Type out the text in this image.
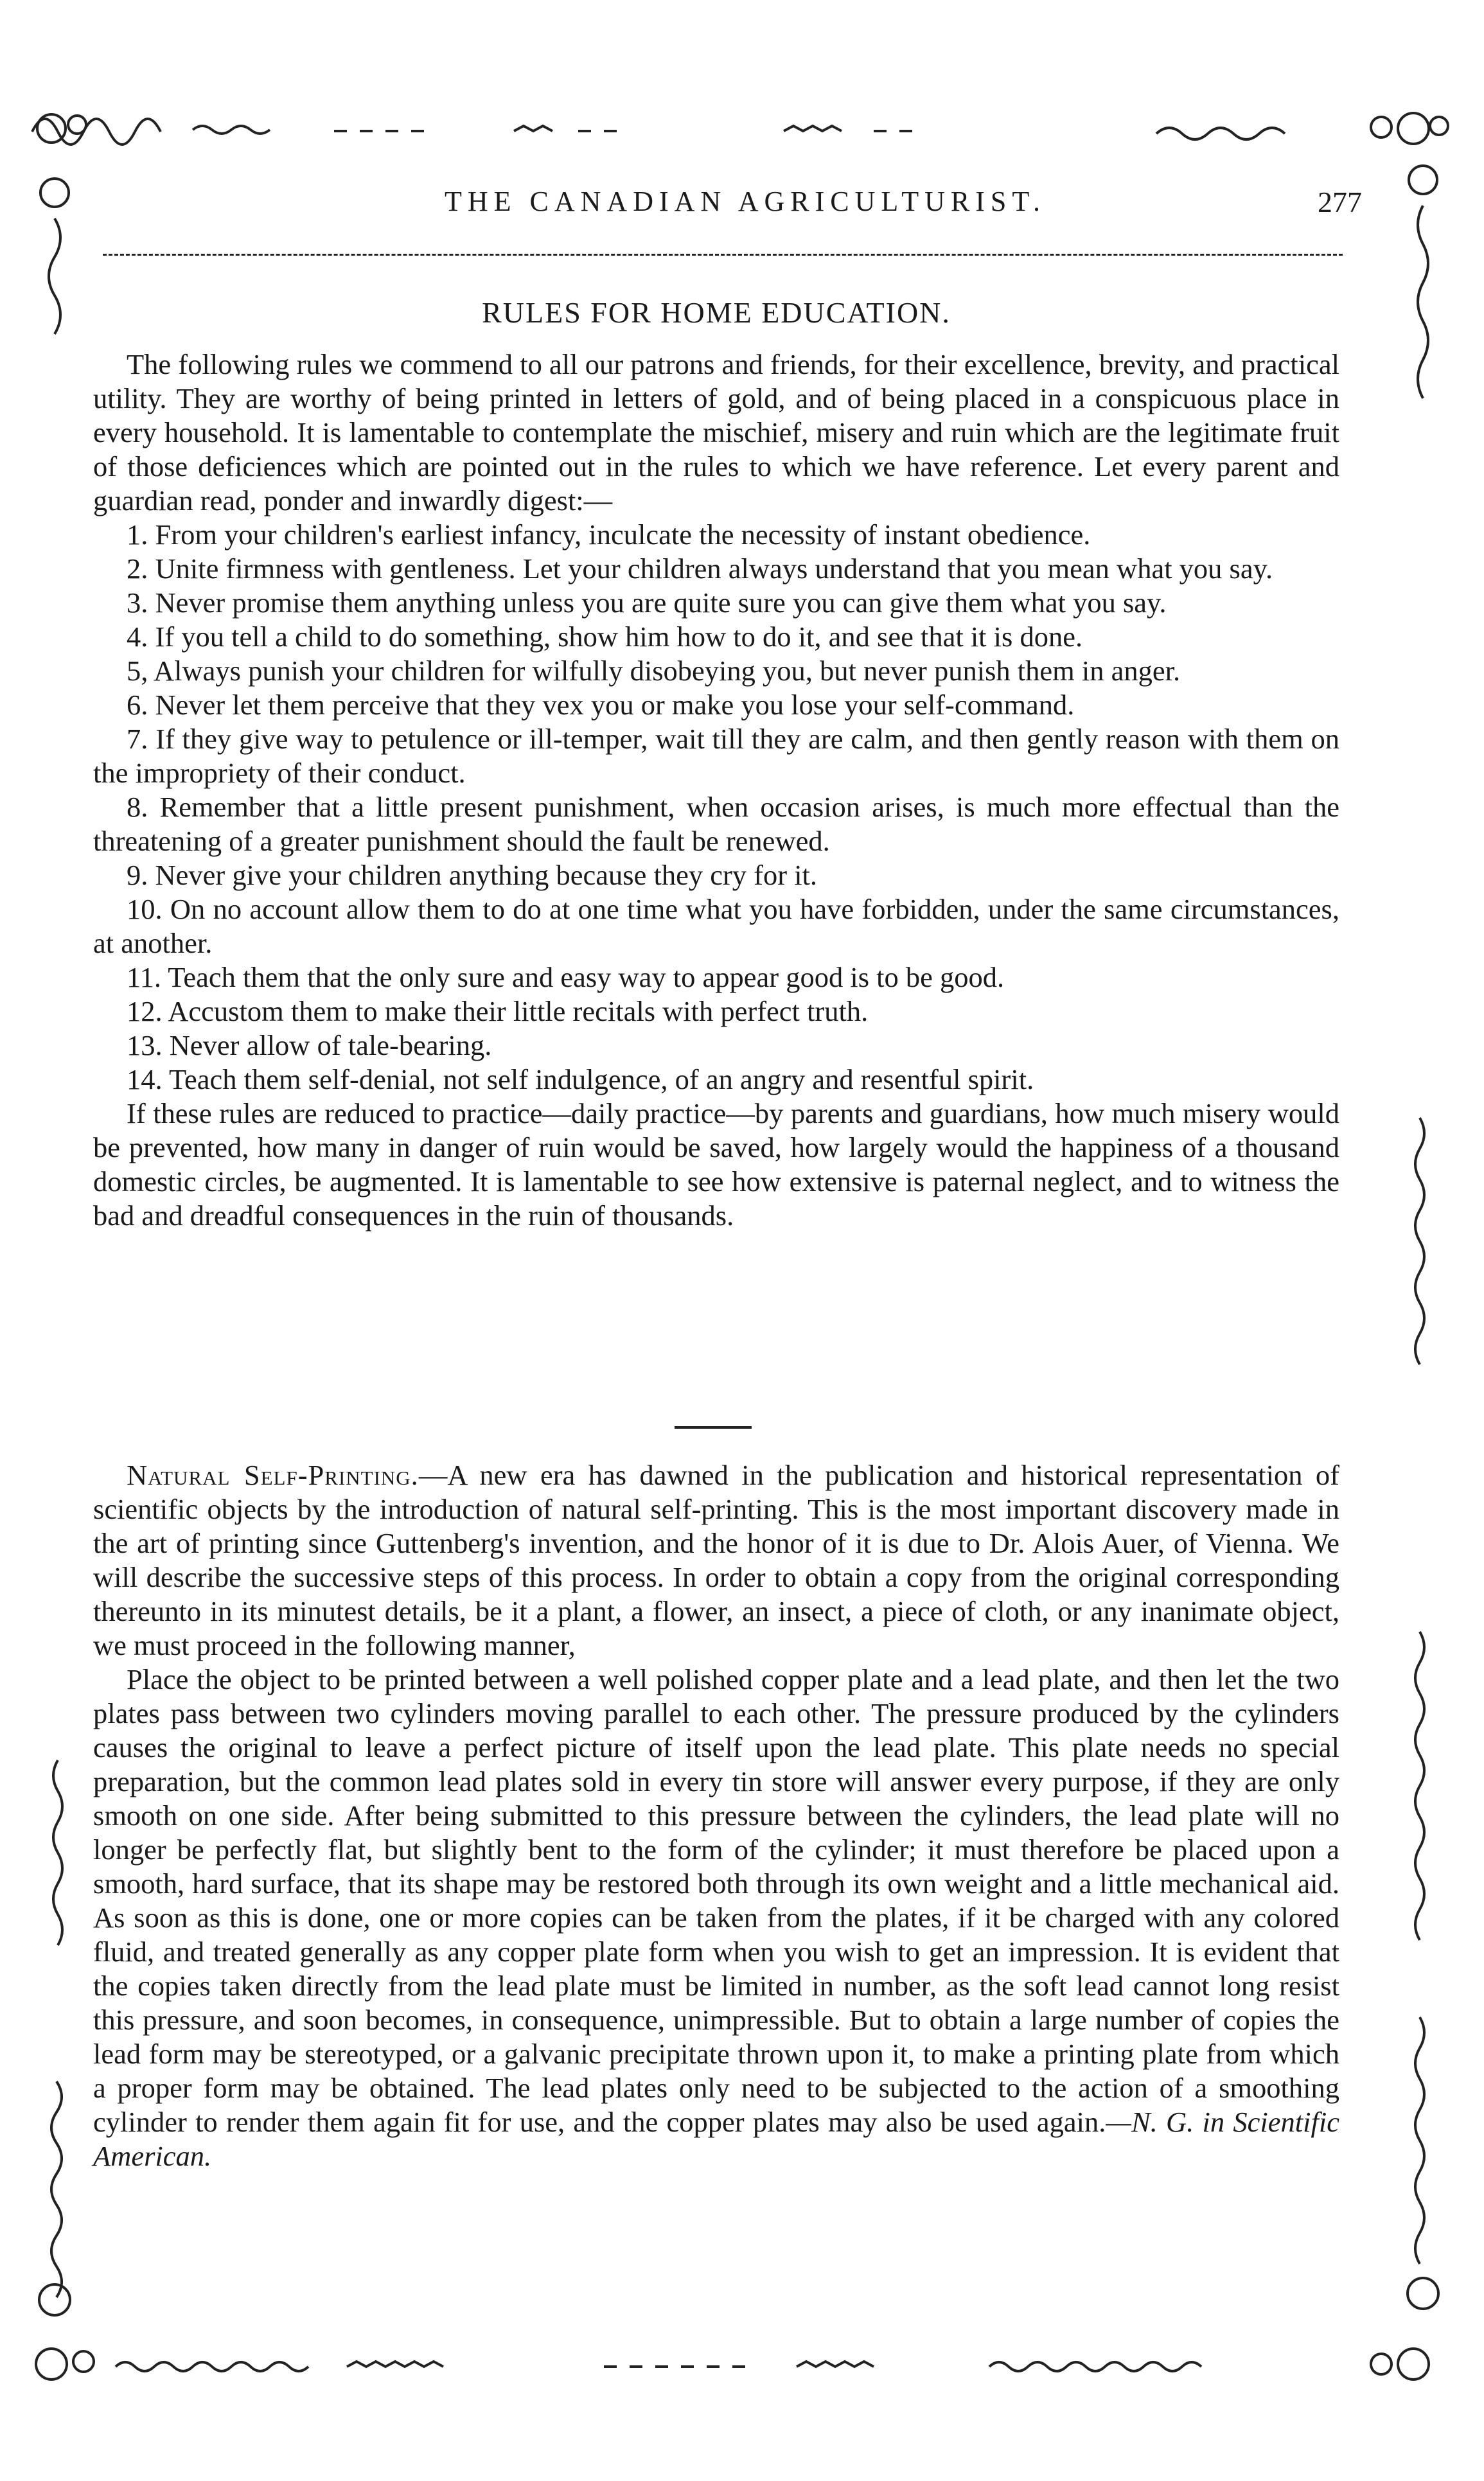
THE CANADIAN AGRICULTURIST.	277
RULES FOR HOME EDUCATION.

The following rules we commend to all our patrons and friends, for their excellence, brevity, and practical utility. They are worthy of being printed in letters of gold, and of being placed in a conspicuous place in every household. It is lamentable to contemplate the mischief, misery and ruin which are the legitimate fruit of those deficiences which are pointed out in the rules to which we have reference. Let every parent and guardian read, ponder and inwardly digest:—

1. From your children's earliest infancy, inculcate the necessity of instant obedience.
2. Unite firmness with gentleness. Let your children always understand that you mean what you say.
3. Never promise them anything unless you are quite sure you can give them what you say.
4. If you tell a child to do something, show him how to do it, and see that it is done.
5, Always punish your children for wilfully disobeying you, but never punish them in anger.
6. Never let them perceive that they vex you or make you lose your self-command.
7. If they give way to petulence or ill-temper, wait till they are calm, and then gently reason with them on the impropriety of their conduct.
8. Remember that a little present punishment, when occasion arises, is much more effectual than the threatening of a greater punishment should the fault be renewed.
9. Never give your children anything because they cry for it.
10. On no account allow them to do at one time what you have forbidden, under the same circumstances, at another.
11. Teach them that the only sure and easy way to appear good is to be good.
12. Accustom them to make their little recitals with perfect truth.
13. Never allow of tale-bearing.
14. Teach them self-denial, not self indulgence, of an angry and resentful spirit.

If these rules are reduced to practice—daily practice—by parents and guardians, how much misery would be prevented, how many in danger of ruin would be saved, how largely would the happiness of a thousand domestic circles, be augmented. It is lamentable to see how extensive is paternal neglect, and to witness the bad and dreadful consequences in the ruin of thousands.

Natural Self-Printing.—A new era has dawned in the publication and historical representation of scientific objects by the introduction of natural self-printing. This is the most important discovery made in the art of printing since Guttenberg's invention, and the honor of it is due to Dr. Alois Auer, of Vienna. We will describe the successive steps of this process. In order to obtain a copy from the original corresponding thereunto in its minutest details, be it a plant, a flower, an insect, a piece of cloth, or any inanimate object, we must proceed in the following manner,

Place the object to be printed between a well polished copper plate and a lead plate, and then let the two plates pass between two cylinders moving parallel to each other. The pressure produced by the cylinders causes the original to leave a perfect picture of itself upon the lead plate. This plate needs no special preparation, but the common lead plates sold in every tin store will answer every purpose, if they are only smooth on one side. After being submitted to this pressure between the cylinders, the lead plate will no longer be perfectly flat, but slightly bent to the form of the cylinder; it must therefore be placed upon a smooth, hard surface, that its shape may be restored both through its own weight and a little mechanical aid. As soon as this is done, one or more copies can be taken from the plates, if it be charged with any colored fluid, and treated generally as any copper plate form when you wish to get an impression. It is evident that the copies taken directly from the lead plate must be limited in number, as the soft lead cannot long resist this pressure, and soon becomes, in consequence, unimpressible. But to obtain a large number of copies the lead form may be stereotyped, or a galvanic precipitate thrown upon it, to make a printing plate from which a proper form may be obtained. The lead plates only need to be subjected to the action of a smoothing cylinder to render them again fit for use, and the copper plates may also be used again.—N. G. in Scientific American.
